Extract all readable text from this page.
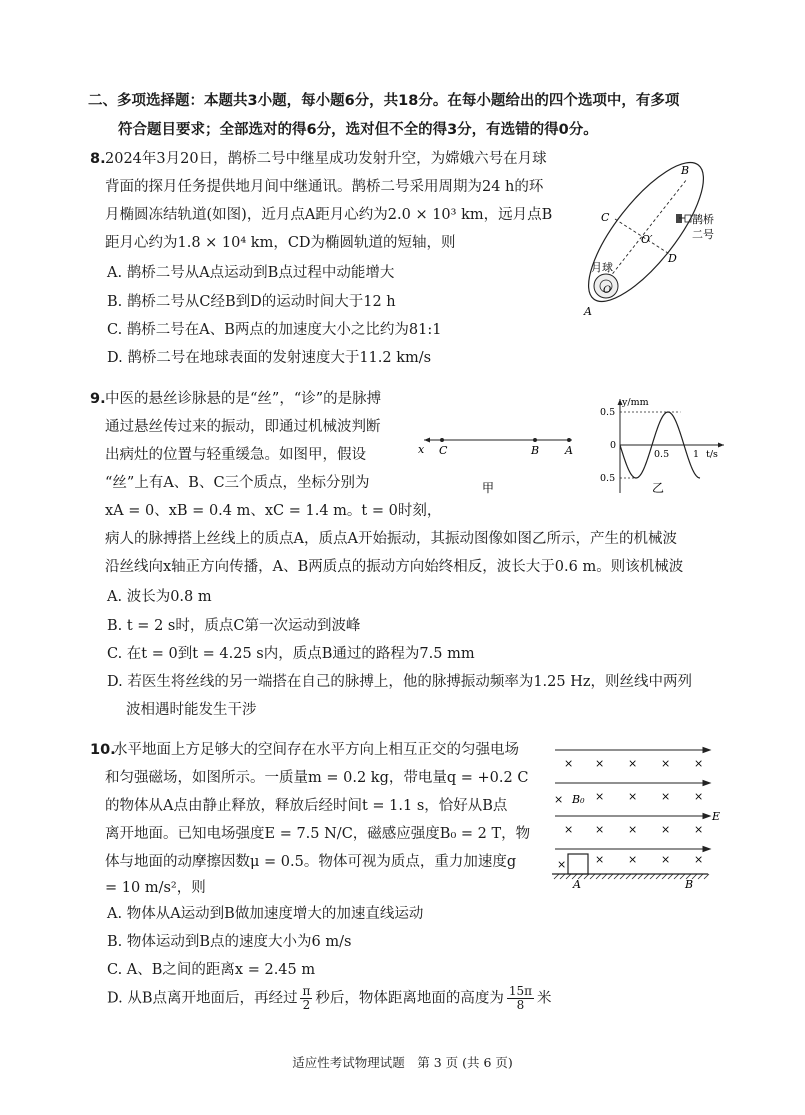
二、多项选择题：本题共3小题，每小题6分，共18分。在每小题给出的四个选项中，有多项
符合题目要求；全部选对的得6分，选对但不全的得3分，有选错的得0分。
8. 2024年3月20日，鹊桥二号中继星成功发射升空，为嫦娥六号在月球
背面的探月任务提供地月间中继通讯。鹊桥二号采用周期为24 h的环
月椭圆冻结轨道(如图)，近月点A距月心约为2.0 × 10³ km，远月点B
距月心约为1.8 × 10⁴ km，CD为椭圆轨道的短轴，则
A. 鹊桥二号从A点运动到B点过程中动能增大
B. 鹊桥二号从C经B到D的运动时间大于12 h
C. 鹊桥二号在A、B两点的加速度大小之比约为81:1
D. 鹊桥二号在地球表面的发射速度大于11.2 km/s
B
C
D
O′
O
A
月球
鹊桥
二号
9. 中医的悬丝诊脉悬的是“丝”，“诊”的是脉搏
通过悬丝传过来的振动，即通过机械波判断
出病灶的位置与轻重缓急。如图甲，假设
“丝”上有A、B、C三个质点，坐标分别为
xA = 0、xB = 0.4 m、xC = 1.4 m。t = 0时刻，
病人的脉搏搭上丝线上的质点A，质点A开始振动，其振动图像如图乙所示，产生的机械波
沿丝线向x轴正方向传播，A、B两质点的振动方向始终相反，波长大于0.6 m。则该机械波
A. 波长为0.8 m
B. t = 2 s时，质点C第一次运动到波峰
C. 在t = 0到t = 4.25 s内，质点B通过的路程为7.5 mm
D. 若医生将丝线的另一端搭在自己的脉搏上，他的脉搏振动频率为1.25 Hz，则丝线中两列
波相遇时能发生干涉
x C	B A
甲
y/mm
t/s
0.5
0
0.5
0.5	1
乙
10.
水平地面上方足够大的空间存在水平方向上相互正交的匀强电场
和匀强磁场，如图所示。一质量m = 0.2 kg，带电量q = +0.2 C
的物体从A点由静止释放，释放后经时间t = 1.1 s，恰好从B点
离开地面。已知电场强度E = 7.5 N/C，磁感应强度B₀ = 2 T，物
体与地面的动摩擦因数μ = 0.5。物体可视为质点，重力加速度g
= 10 m/s²，则
A. 物体从A运动到B做加速度增大的加速直线运动
B. 物体运动到B点的速度大小为6 m/s
C. A、B之间的距离x = 2.45 m
D. 从B点离开地面后，再经过 $\frac{\pi}{2}$ 秒后，物体距离地面的高度为 $\frac{15\pi}{8}$ 米
× × × × ×
× × × ×
× × × × ×
× × × ×
×
× B₀
E
A	B
适应性考试物理试题　第 3 页 (共 6 页)
